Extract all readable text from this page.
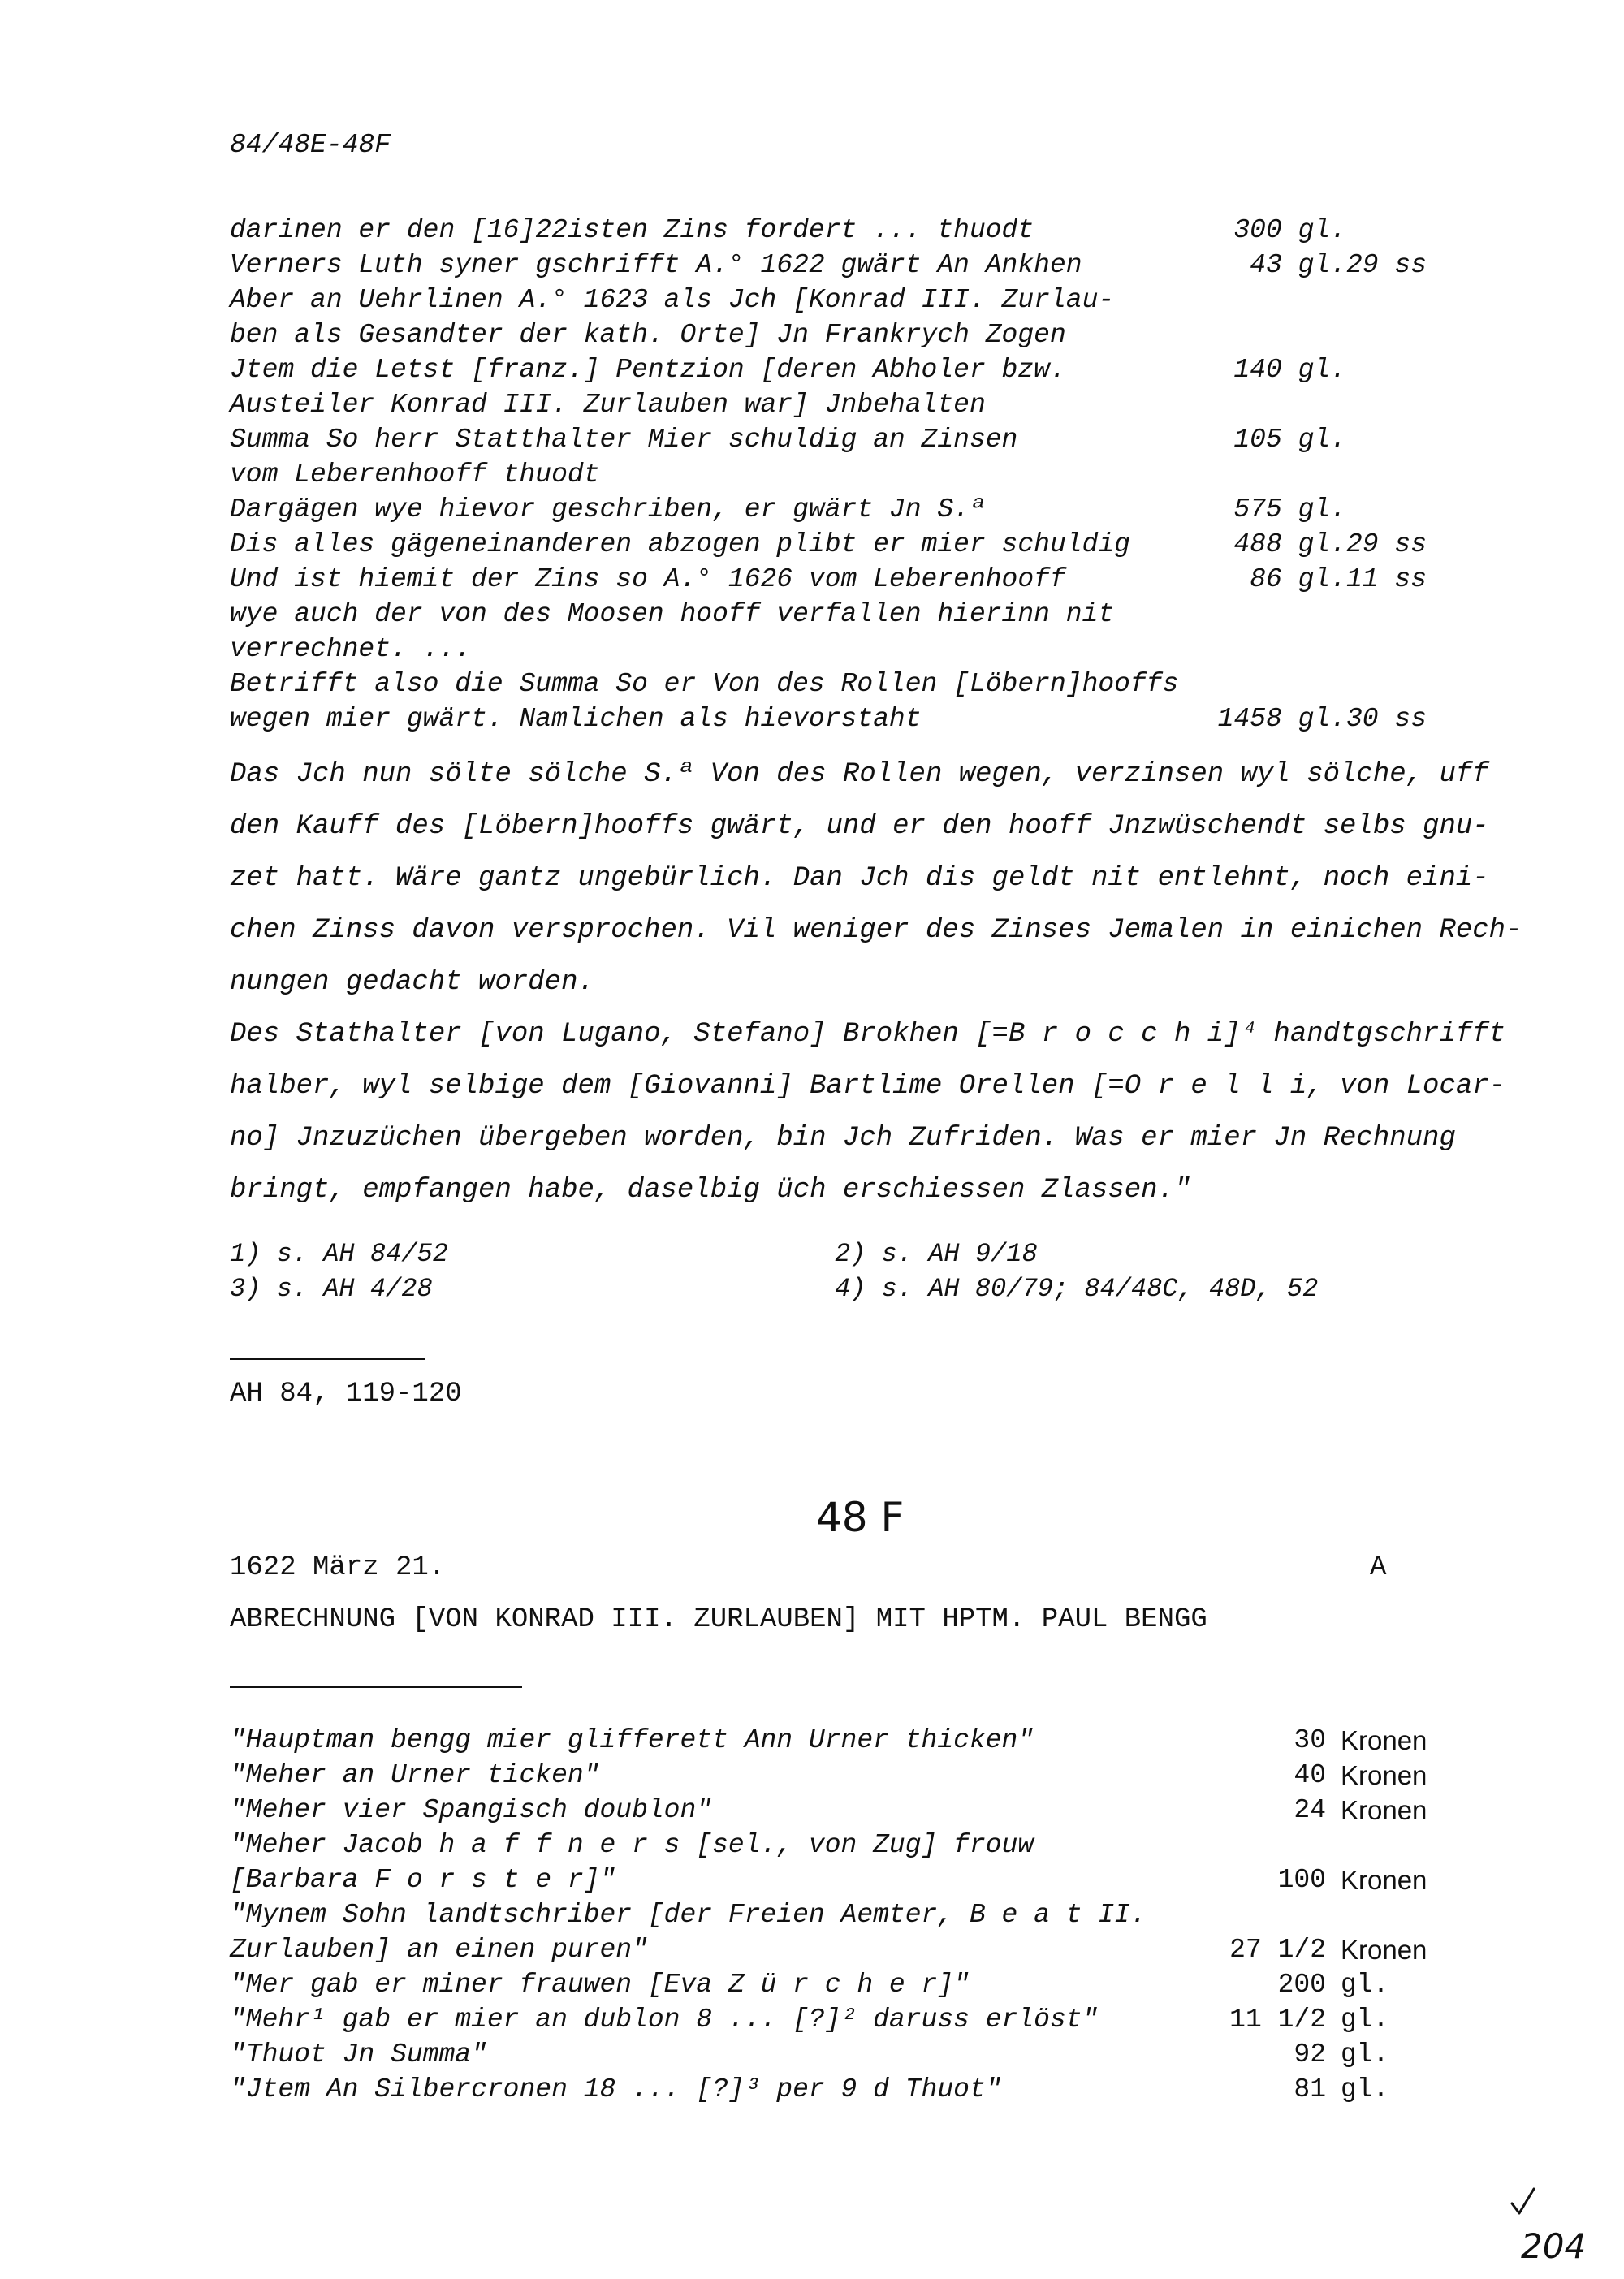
84/48E-48F
darinen er den [16]22isten Zins fordert ... thuodt	300 gl.
Verners Luth syner gschrifft A.° 1622 gwärt An Ankhen	43 gl. 29 ss
Aber an Uehrlinen A.° 1623 als Jch [Konrad III. Zurlau-
ben als Gesandter der kath. Orte] Jn Frankrych Zogen
Jtem die Letst [franz.] Pentzion [deren Abholer bzw.	140 gl.
Austeiler Konrad III. Zurlauben war] Jnbehalten
Summa So herr Statthalter Mier schuldig an Zinsen	105 gl.
vom Leberenhooff thuodt
Dargägen wye hievor geschriben, er gwärt Jn S.ª	575 gl.
Dis alles gägeneinanderen abzogen plibt er mier schuldig	488 gl. 29 ss
Und ist hiemit der Zins so A.° 1626 vom Leberenhooff	86 gl. 11 ss
wye auch der von des Moosen hooff verfallen hierinn nit
verrechnet. ...
Betrifft also die Summa So er Von des Rollen [Löbern]hooffs
wegen mier gwärt. Namlichen als hievorstaht	1458 gl. 30 ss
Das Jch nun sölte sölche S.ª Von des Rollen wegen, verzinsen wyl sölche, uff
den Kauff des [Löbern]hooffs gwärt, und er den hooff Jnzwüschendt selbs gnu-
zet hatt. Wäre gantz ungebürlich. Dan Jch dis geldt nit entlehnt, noch eini-
chen Zinss davon versprochen. Vil weniger des Zinses Jemalen in einichen Rech-
nungen gedacht worden.
Des Stathalter [von Lugano, Stefano] Brokhen [=B r o c c h i]⁴ handtgschrifft
halber, wyl selbige dem [Giovanni] Bartlime Orellen [=O r e l l i, von Locar-
no] Jnzuzüchen übergeben worden, bin Jch Zufriden. Was er mier Jn Rechnung
bringt, empfangen habe, daselbig üch erschiessen Zlassen."
1) s. AH 84/52	2) s. AH 9/18
3) s. AH 4/28	4) s. AH 80/79; 84/48C, 48D, 52
AH 84, 119-120
48 F
1622 März 21.	A
ABRECHNUNG [VON KONRAD III. ZURLAUBEN] MIT HPTM. PAUL BENGG
"Hauptman bengg mier glifferett Ann Urner thicken"	30 Kronen
"Meher an Urner ticken"	40 Kronen
"Meher vier Spangisch doublon"	24 Kronen
"Meher Jacob h a f f n e r s [sel., von Zug] frouw
[Barbara F o r s t e r]"	100 Kronen
"Mynem Sohn landtschriber [der Freien Aemter, B e a t II.
Zurlauben] an einen puren"	27 1/2 Kronen
"Mer gab er miner frauwen [Eva Z ü r c h e r]"	200 gl.
"Mehr¹ gab er mier an dublon 8 ... [?]² daruss erlöst"	11 1/2 gl.
"Thuot Jn Summa"	92 gl.
"Jtem An Silbercronen 18 ... [?]³ per 9 d Thuot"	81 gl.
204
